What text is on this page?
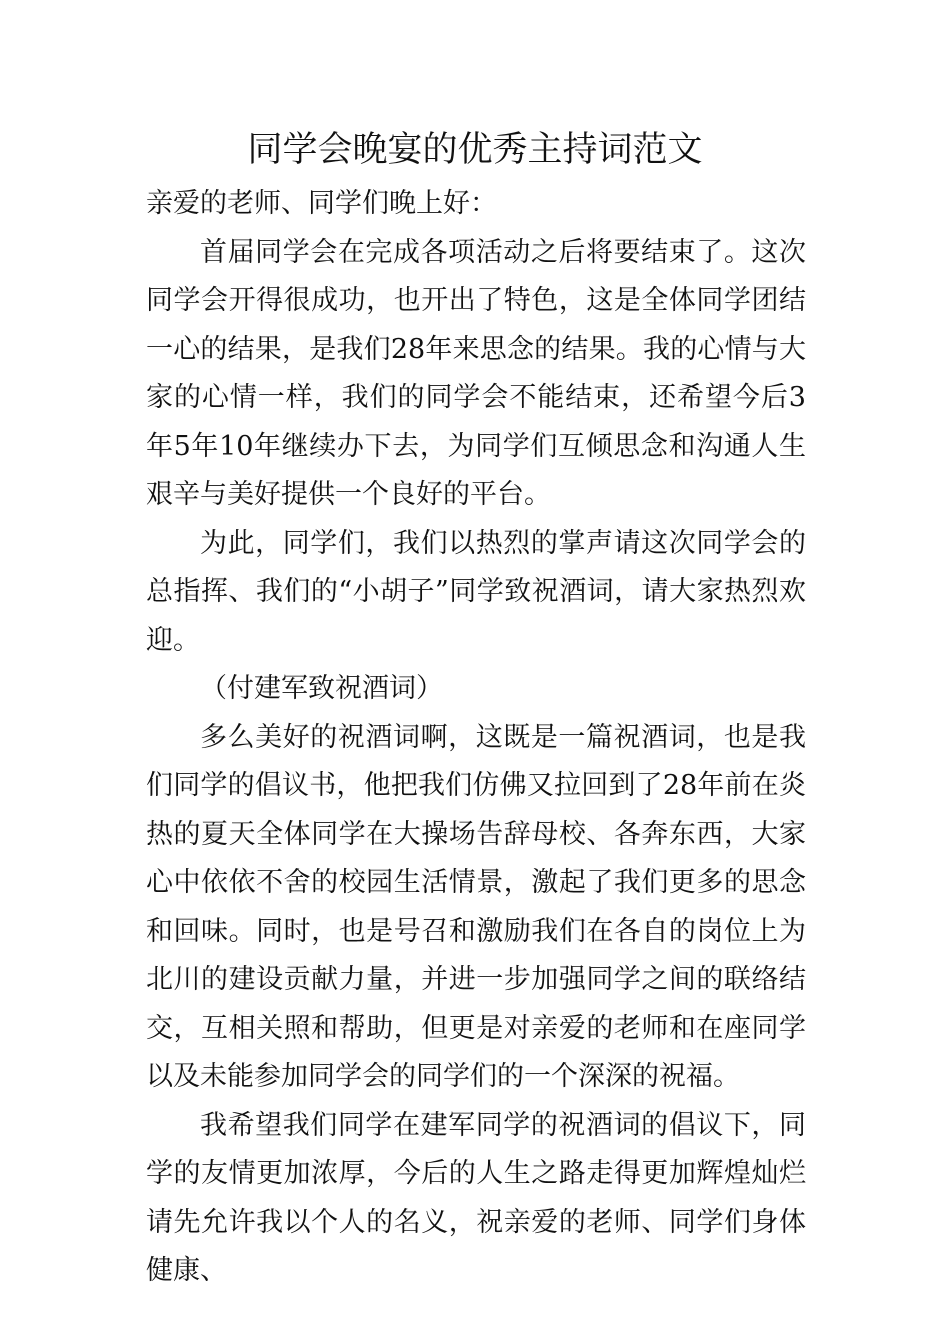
同学会晚宴的优秀主持词范文

亲爱的老师、同学们晚上好：

首届同学会在完成各项活动之后将要结束了。这次同学会开得很成功，也开出了特色，这是全体同学团结一心的结果，是我们28年来思念的结果。我的心情与大家的心情一样，我们的同学会不能结束，还希望今后3年5年10年继续办下去，为同学们互倾思念和沟通人生艰辛与美好提供一个良好的平台。

为此，同学们，我们以热烈的掌声请这次同学会的总指挥、我们的“小胡子”同学致祝酒词，请大家热烈欢迎。

（付建军致祝酒词）

多么美好的祝酒词啊，这既是一篇祝酒词，也是我们同学的倡议书，他把我们仿佛又拉回到了28年前在炎热的夏天全体同学在大操场告辞母校、各奔东西，大家心中依依不舍的校园生活情景，激起了我们更多的思念和回味。同时，也是号召和激励我们在各自的岗位上为北川的建设贡献力量，并进一步加强同学之间的联络结交，互相关照和帮助，但更是对亲爱的老师和在座同学以及未能参加同学会的同学们的一个深深的祝福。

我希望我们同学在建军同学的祝酒词的倡议下，同学的友情更加浓厚，今后的人生之路走得更加辉煌灿烂请先允许我以个人的名义，祝亲爱的老师、同学们身体健康、
